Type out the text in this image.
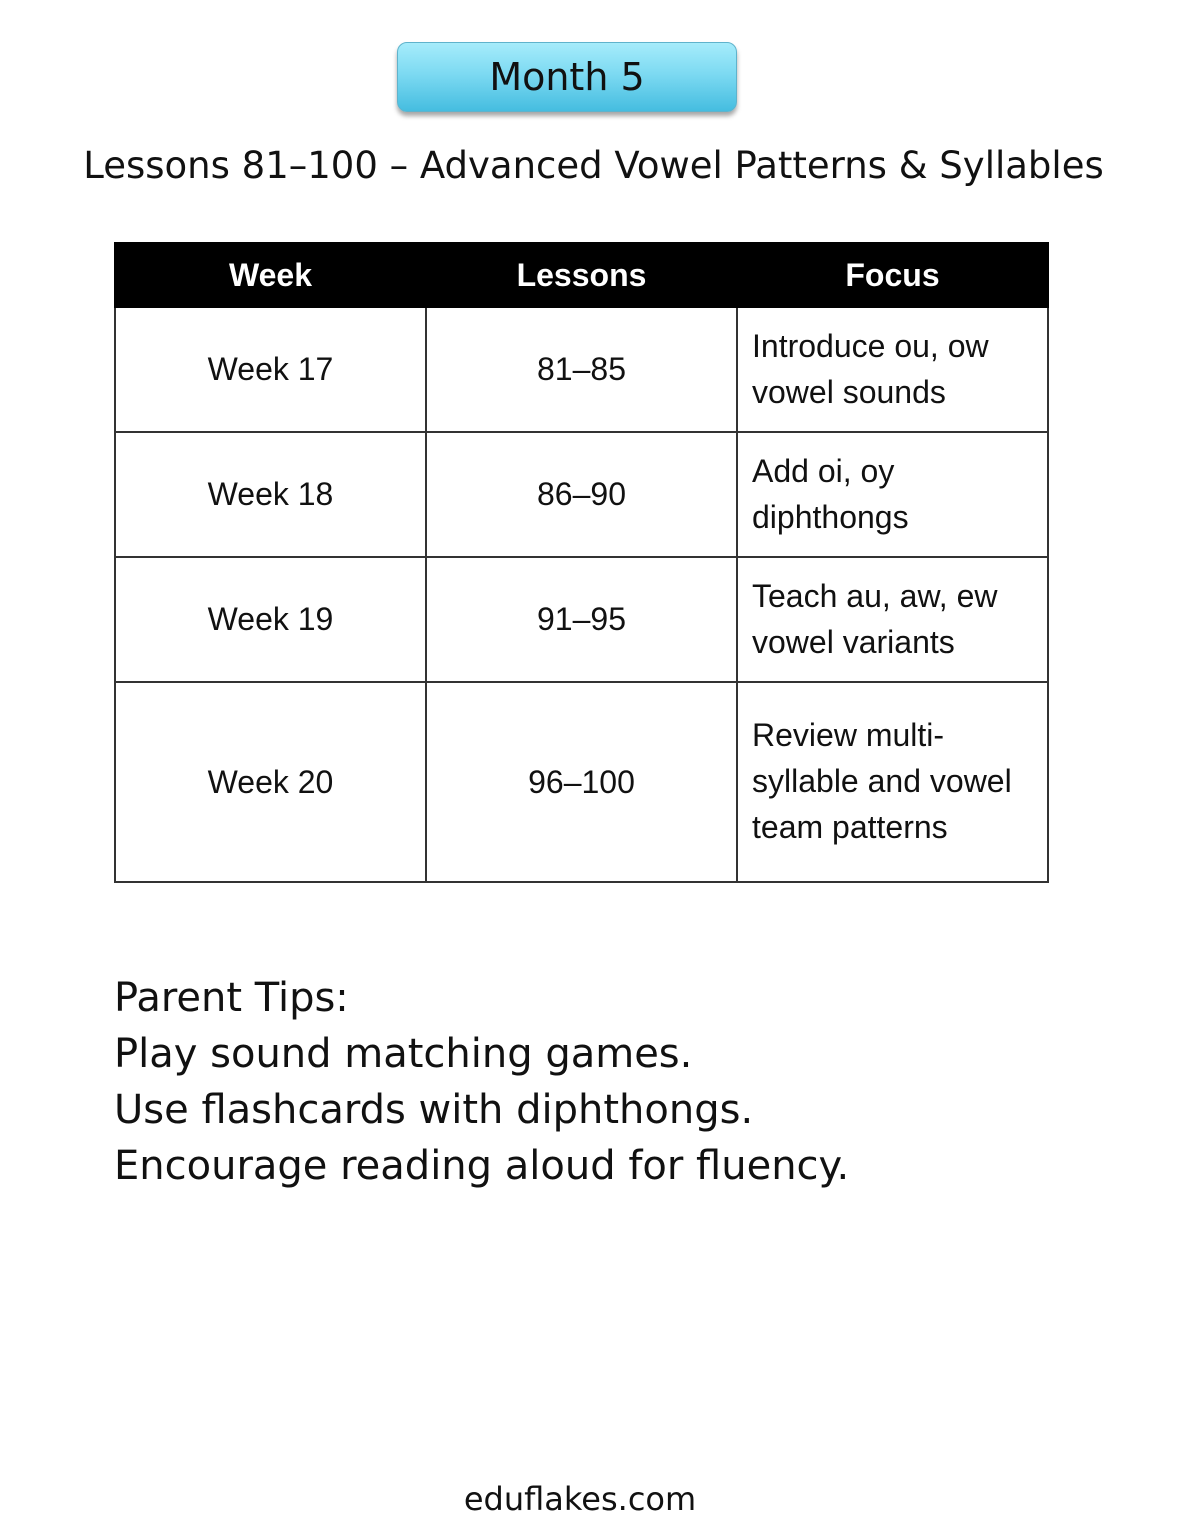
Month 5
Lessons 81–100 – Advanced Vowel Patterns & Syllables
Week	Lessons	Focus
Week 17	81–85	Introduce ou, ow vowel sounds
Week 18	86–90	Add oi, oy diphthongs
Week 19	91–95	Teach au, aw, ew vowel variants
Week 20	96–100	Review multi-syllable and vowel team patterns
Parent Tips:
Play sound matching games.
Use flashcards with diphthongs.
Encourage reading aloud for fluency.
eduflakes.com
